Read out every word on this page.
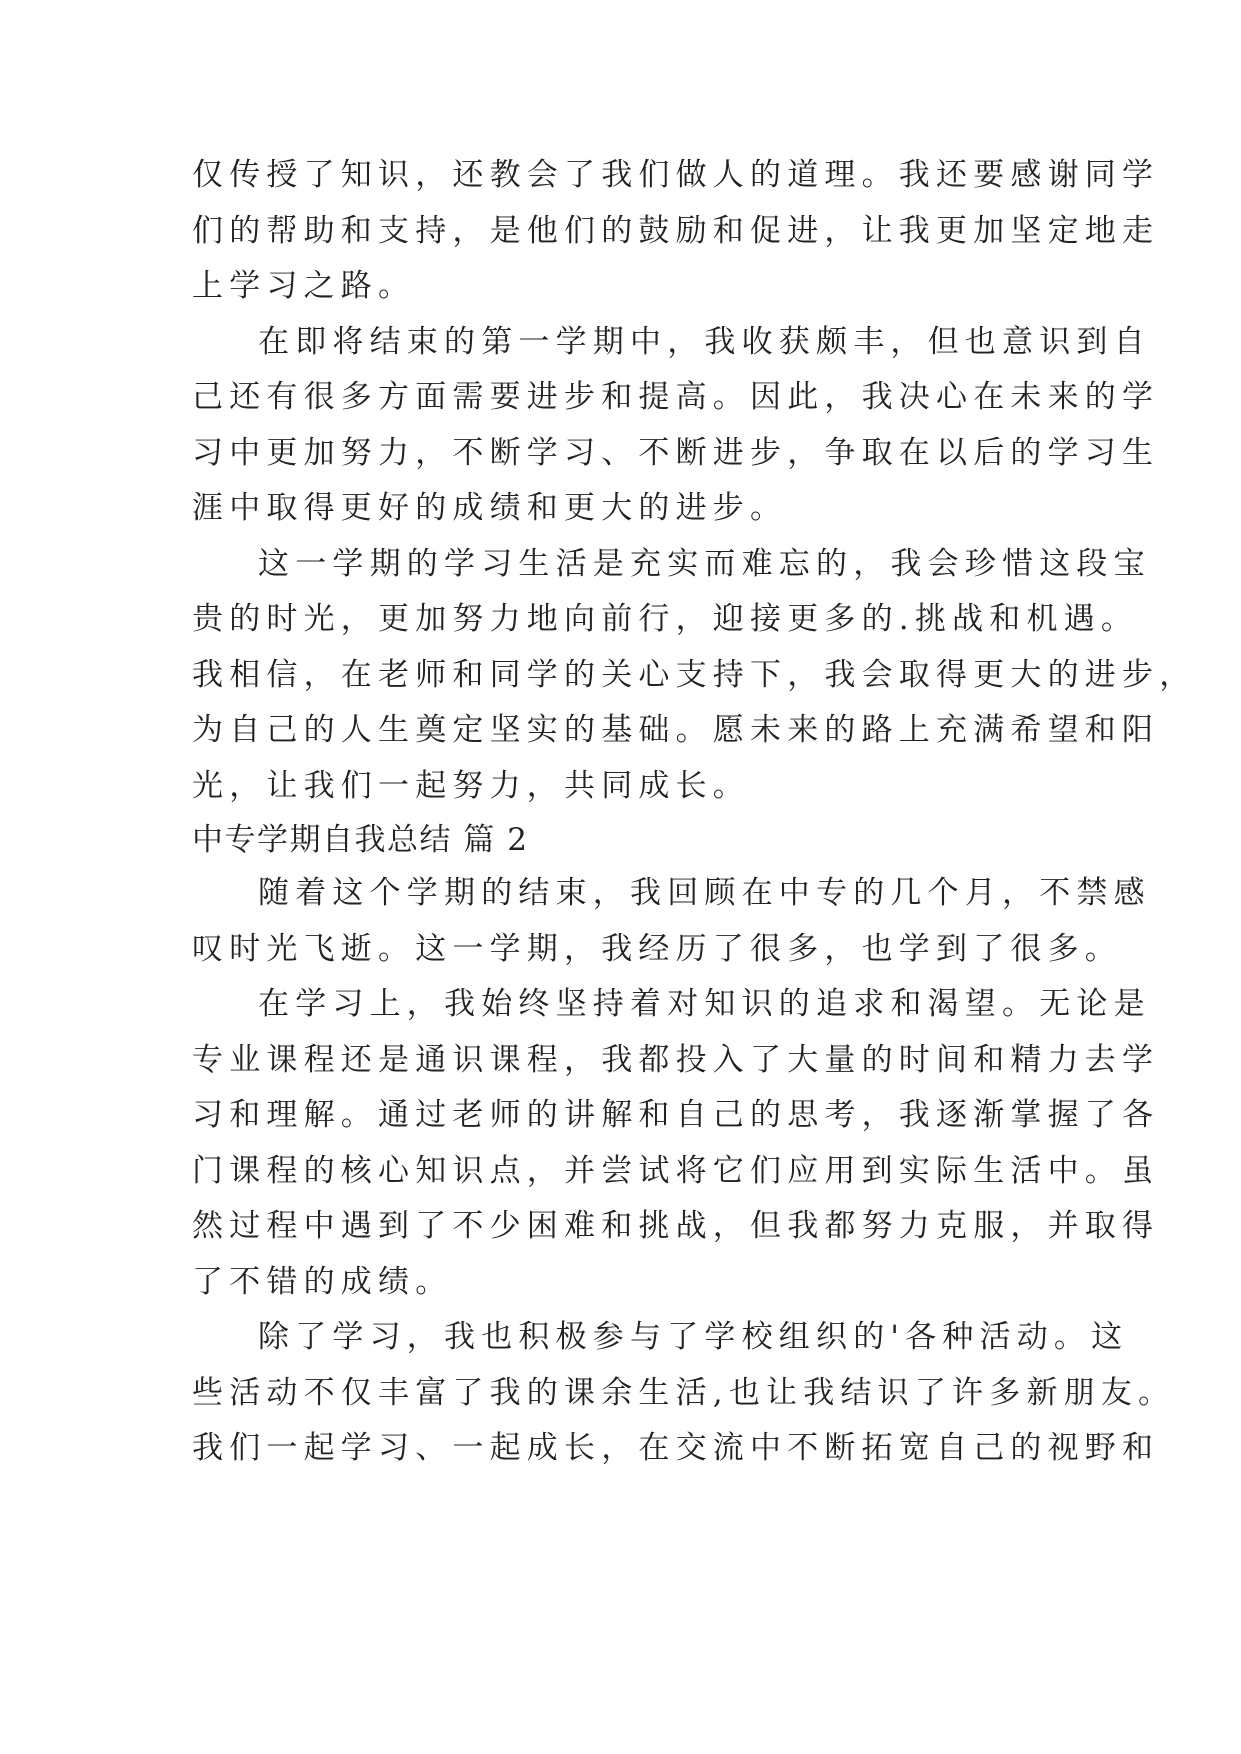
仅传授了知识，还教会了我们做人的道理。我还要感谢同学
们的帮助和支持，是他们的鼓励和促进，让我更加坚定地走
上学习之路。
在即将结束的第一学期中，我收获颇丰，但也意识到自
己还有很多方面需要进步和提高。因此，我决心在未来的学
习中更加努力，不断学习、不断进步，争取在以后的学习生
涯中取得更好的成绩和更大的进步。
这一学期的学习生活是充实而难忘的，我会珍惜这段宝
贵的时光，更加努力地向前行，迎接更多的.挑战和机遇。
我相信，在老师和同学的关心支持下，我会取得更大的进步，
为自己的人生奠定坚实的基础。愿未来的路上充满希望和阳
光，让我们一起努力，共同成长。
中专学期自我总结 篇 2
随着这个学期的结束，我回顾在中专的几个月，不禁感
叹时光飞逝。这一学期，我经历了很多，也学到了很多。
在学习上，我始终坚持着对知识的追求和渴望。无论是
专业课程还是通识课程，我都投入了大量的时间和精力去学
习和理解。通过老师的讲解和自己的思考，我逐渐掌握了各
门课程的核心知识点，并尝试将它们应用到实际生活中。虽
然过程中遇到了不少困难和挑战，但我都努力克服，并取得
了不错的成绩。
除了学习，我也积极参与了学校组织的'各种活动。这
些活动不仅丰富了我的课余生活,也让我结识了许多新朋友。
我们一起学习、一起成长，在交流中不断拓宽自己的视野和
